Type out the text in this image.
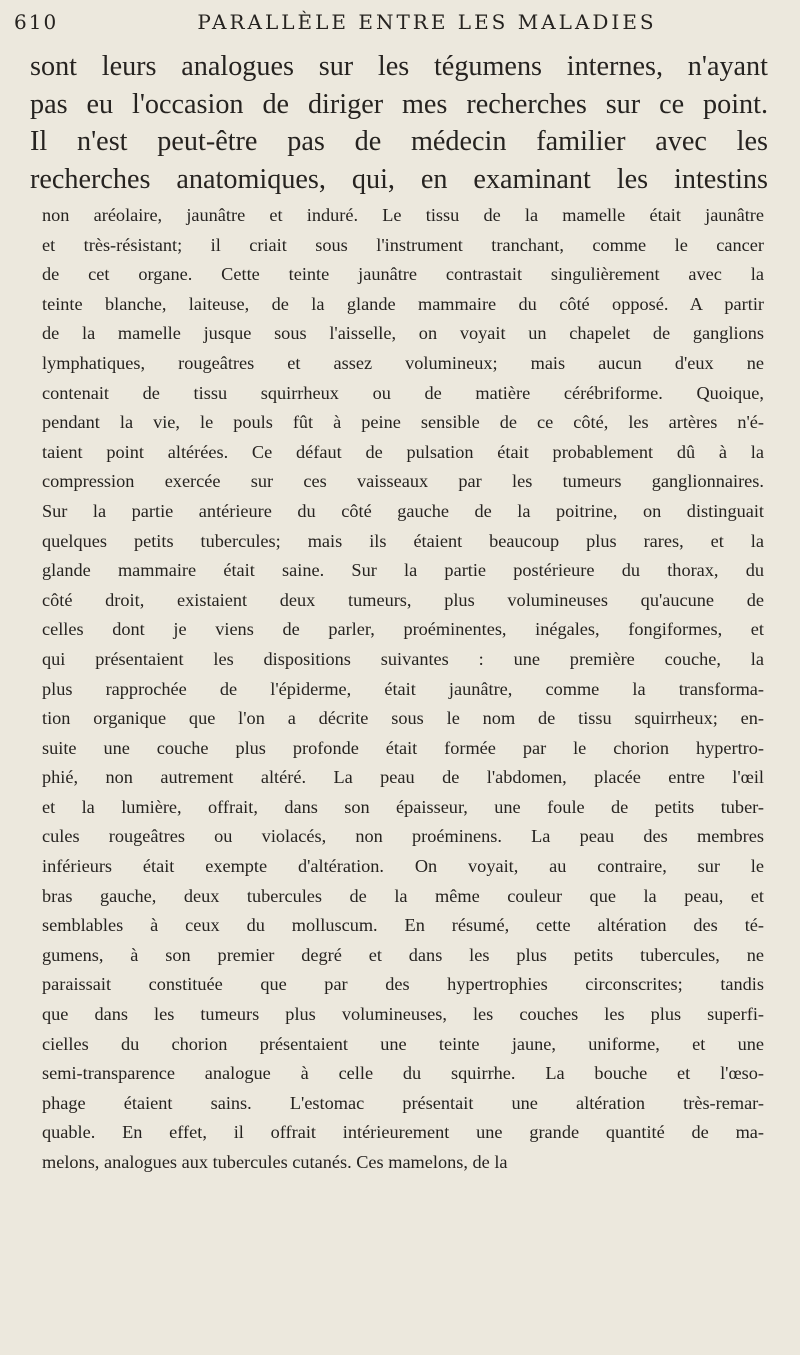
610	PARALLÈLE ENTRE LES MALADIES
sont leurs analogues sur les tégumens internes, n'ayant
pas eu l'occasion de diriger mes recherches sur ce point.
Il n'est peut-être pas de médecin familier avec les
recherches anatomiques, qui, en examinant les intestins
non aréolaire, jaunâtre et induré. Le tissu de la mamelle était jaunâtre
et très-résistant; il criait sous l'instrument tranchant, comme le cancer
de cet organe. Cette teinte jaunâtre contrastait singulièrement avec la
teinte blanche, laiteuse, de la glande mammaire du côté opposé. A partir
de la mamelle jusque sous l'aisselle, on voyait un chapelet de ganglions
lymphatiques, rougeâtres et assez volumineux; mais aucun d'eux ne
contenait de tissu squirrheux ou de matière cérébriforme. Quoique,
pendant la vie, le pouls fût à peine sensible de ce côté, les artères n'é-
taient point altérées. Ce défaut de pulsation était probablement dû à la
compression exercée sur ces vaisseaux par les tumeurs ganglionnaires.
Sur la partie antérieure du côté gauche de la poitrine, on distinguait
quelques petits tubercules; mais ils étaient beaucoup plus rares, et la
glande mammaire était saine. Sur la partie postérieure du thorax, du
côté droit, existaient deux tumeurs, plus volumineuses qu'aucune de
celles dont je viens de parler, proéminentes, inégales, fongiformes, et
qui présentaient les dispositions suivantes : une première couche, la
plus rapprochée de l'épiderme, était jaunâtre, comme la transforma-
tion organique que l'on a décrite sous le nom de tissu squirrheux; en-
suite une couche plus profonde était formée par le chorion hypertro-
phié, non autrement altéré. La peau de l'abdomen, placée entre l'œil
et la lumière, offrait, dans son épaisseur, une foule de petits tuber-
cules rougeâtres ou violacés, non proéminens. La peau des membres
inférieurs était exempte d'altération. On voyait, au contraire, sur le
bras gauche, deux tubercules de la même couleur que la peau, et
semblables à ceux du molluscum. En résumé, cette altération des té-
gumens, à son premier degré et dans les plus petits tubercules, ne
paraissait constituée que par des hypertrophies circonscrites; tandis
que dans les tumeurs plus volumineuses, les couches les plus superfi-
cielles du chorion présentaient une teinte jaune, uniforme, et une
semi-transparence analogue à celle du squirrhe. La bouche et l'œso-
phage étaient sains. L'estomac présentait une altération très-remar-
quable. En effet, il offrait intérieurement une grande quantité de ma-
melons, analogues aux tubercules cutanés. Ces mamelons, de la
